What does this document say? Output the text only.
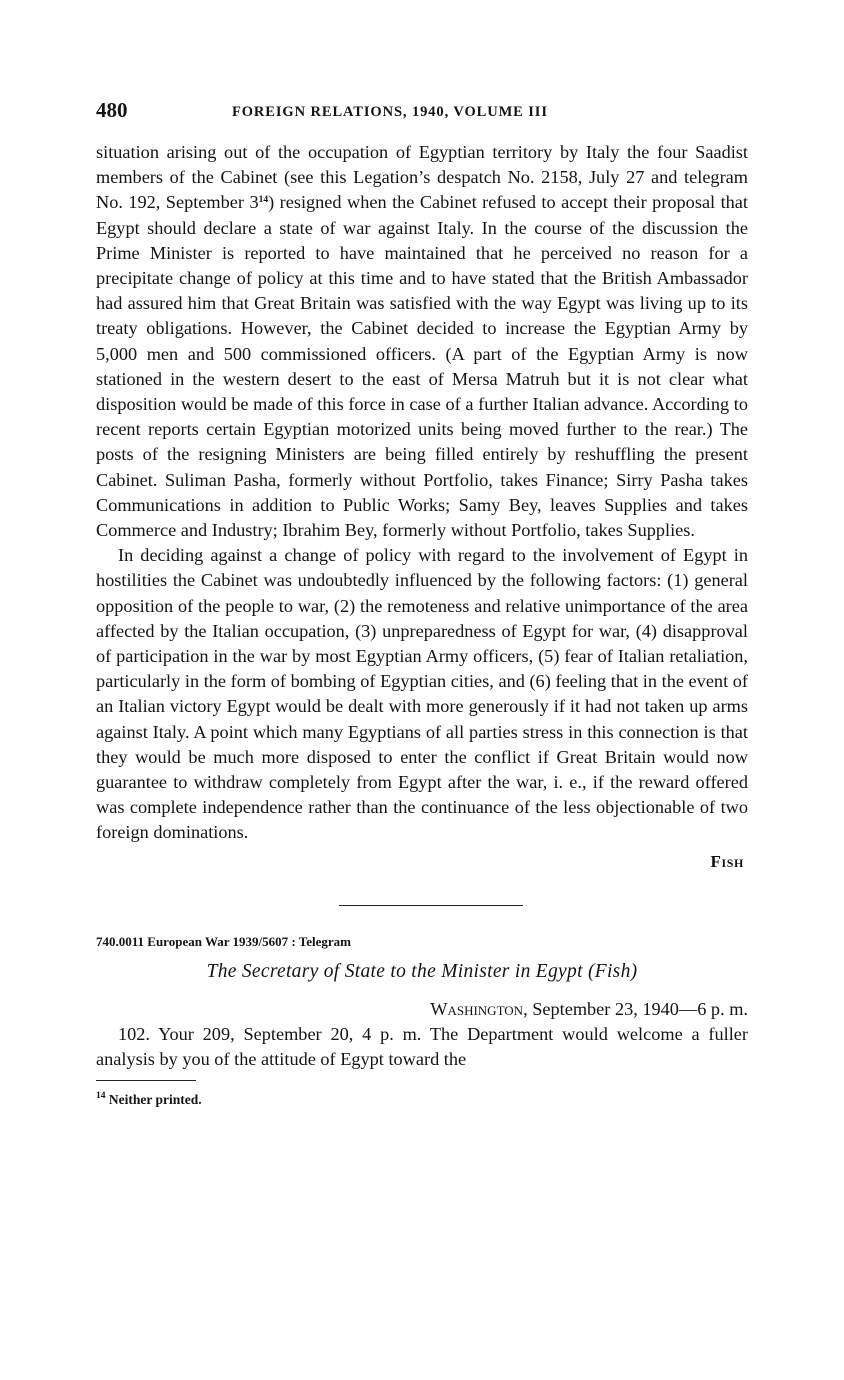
480	FOREIGN RELATIONS, 1940, VOLUME III

situation arising out of the occupation of Egyptian territory by Italy the four Saadist members of the Cabinet (see this Legation’s despatch No. 2158, July 27 and telegram No. 192, September $3^{14}$) resigned when the Cabinet refused to accept their proposal that Egypt should declare a state of war against Italy. In the course of the discussion the Prime Minister is reported to have maintained that he perceived no reason for a precipitate change of policy at this time and to have stated that the British Ambassador had assured him that Great Britain was satisfied with the way Egypt was living up to its treaty obligations. However, the Cabinet decided to increase the Egyptian Army by 5,000 men and 500 commissioned officers. (A part of the Egyptian Army is now stationed in the western desert to the east of Mersa Matruh but it is not clear what disposition would be made of this force in case of a further Italian advance. According to recent reports certain Egyptian motorized units being moved further to the rear.) The posts of the resigning Ministers are being filled entirely by reshuffling the present Cabinet. Suliman Pasha, formerly without Portfolio, takes Finance; Sirry Pasha takes Communications in addition to Public Works; Samy Bey, leaves Supplies and takes Commerce and Industry; Ibrahim Bey, formerly without Portfolio, takes Supplies.

In deciding against a change of policy with regard to the involvement of Egypt in hostilities the Cabinet was undoubtedly influenced by the following factors: (1) general opposition of the people to war, (2) the remoteness and relative unimportance of the area affected by the Italian occupation, (3) unpreparedness of Egypt for war, (4) disapproval of participation in the war by most Egyptian Army officers, (5) fear of Italian retaliation, particularly in the form of bombing of Egyptian cities, and (6) feeling that in the event of an Italian victory Egypt would be dealt with more generously if it had not taken up arms against Italy. A point which many Egyptians of all parties stress in this connection is that they would be much more disposed to enter the conflict if Great Britain would now guarantee to withdraw completely from Egypt after the war, i. e., if the reward offered was complete independence rather than the continuance of the less objectionable of two foreign dominations.

Fish
740.0011 European War 1939/5607 : Telegram
The Secretary of State to the Minister in Egypt (Fish)
Washington, September 23, 1940—6 p. m.

102. Your 209, September 20, 4 p. m. The Department would welcome a fuller analysis by you of the attitude of Egypt toward the

$^{14}$ Neither printed.
